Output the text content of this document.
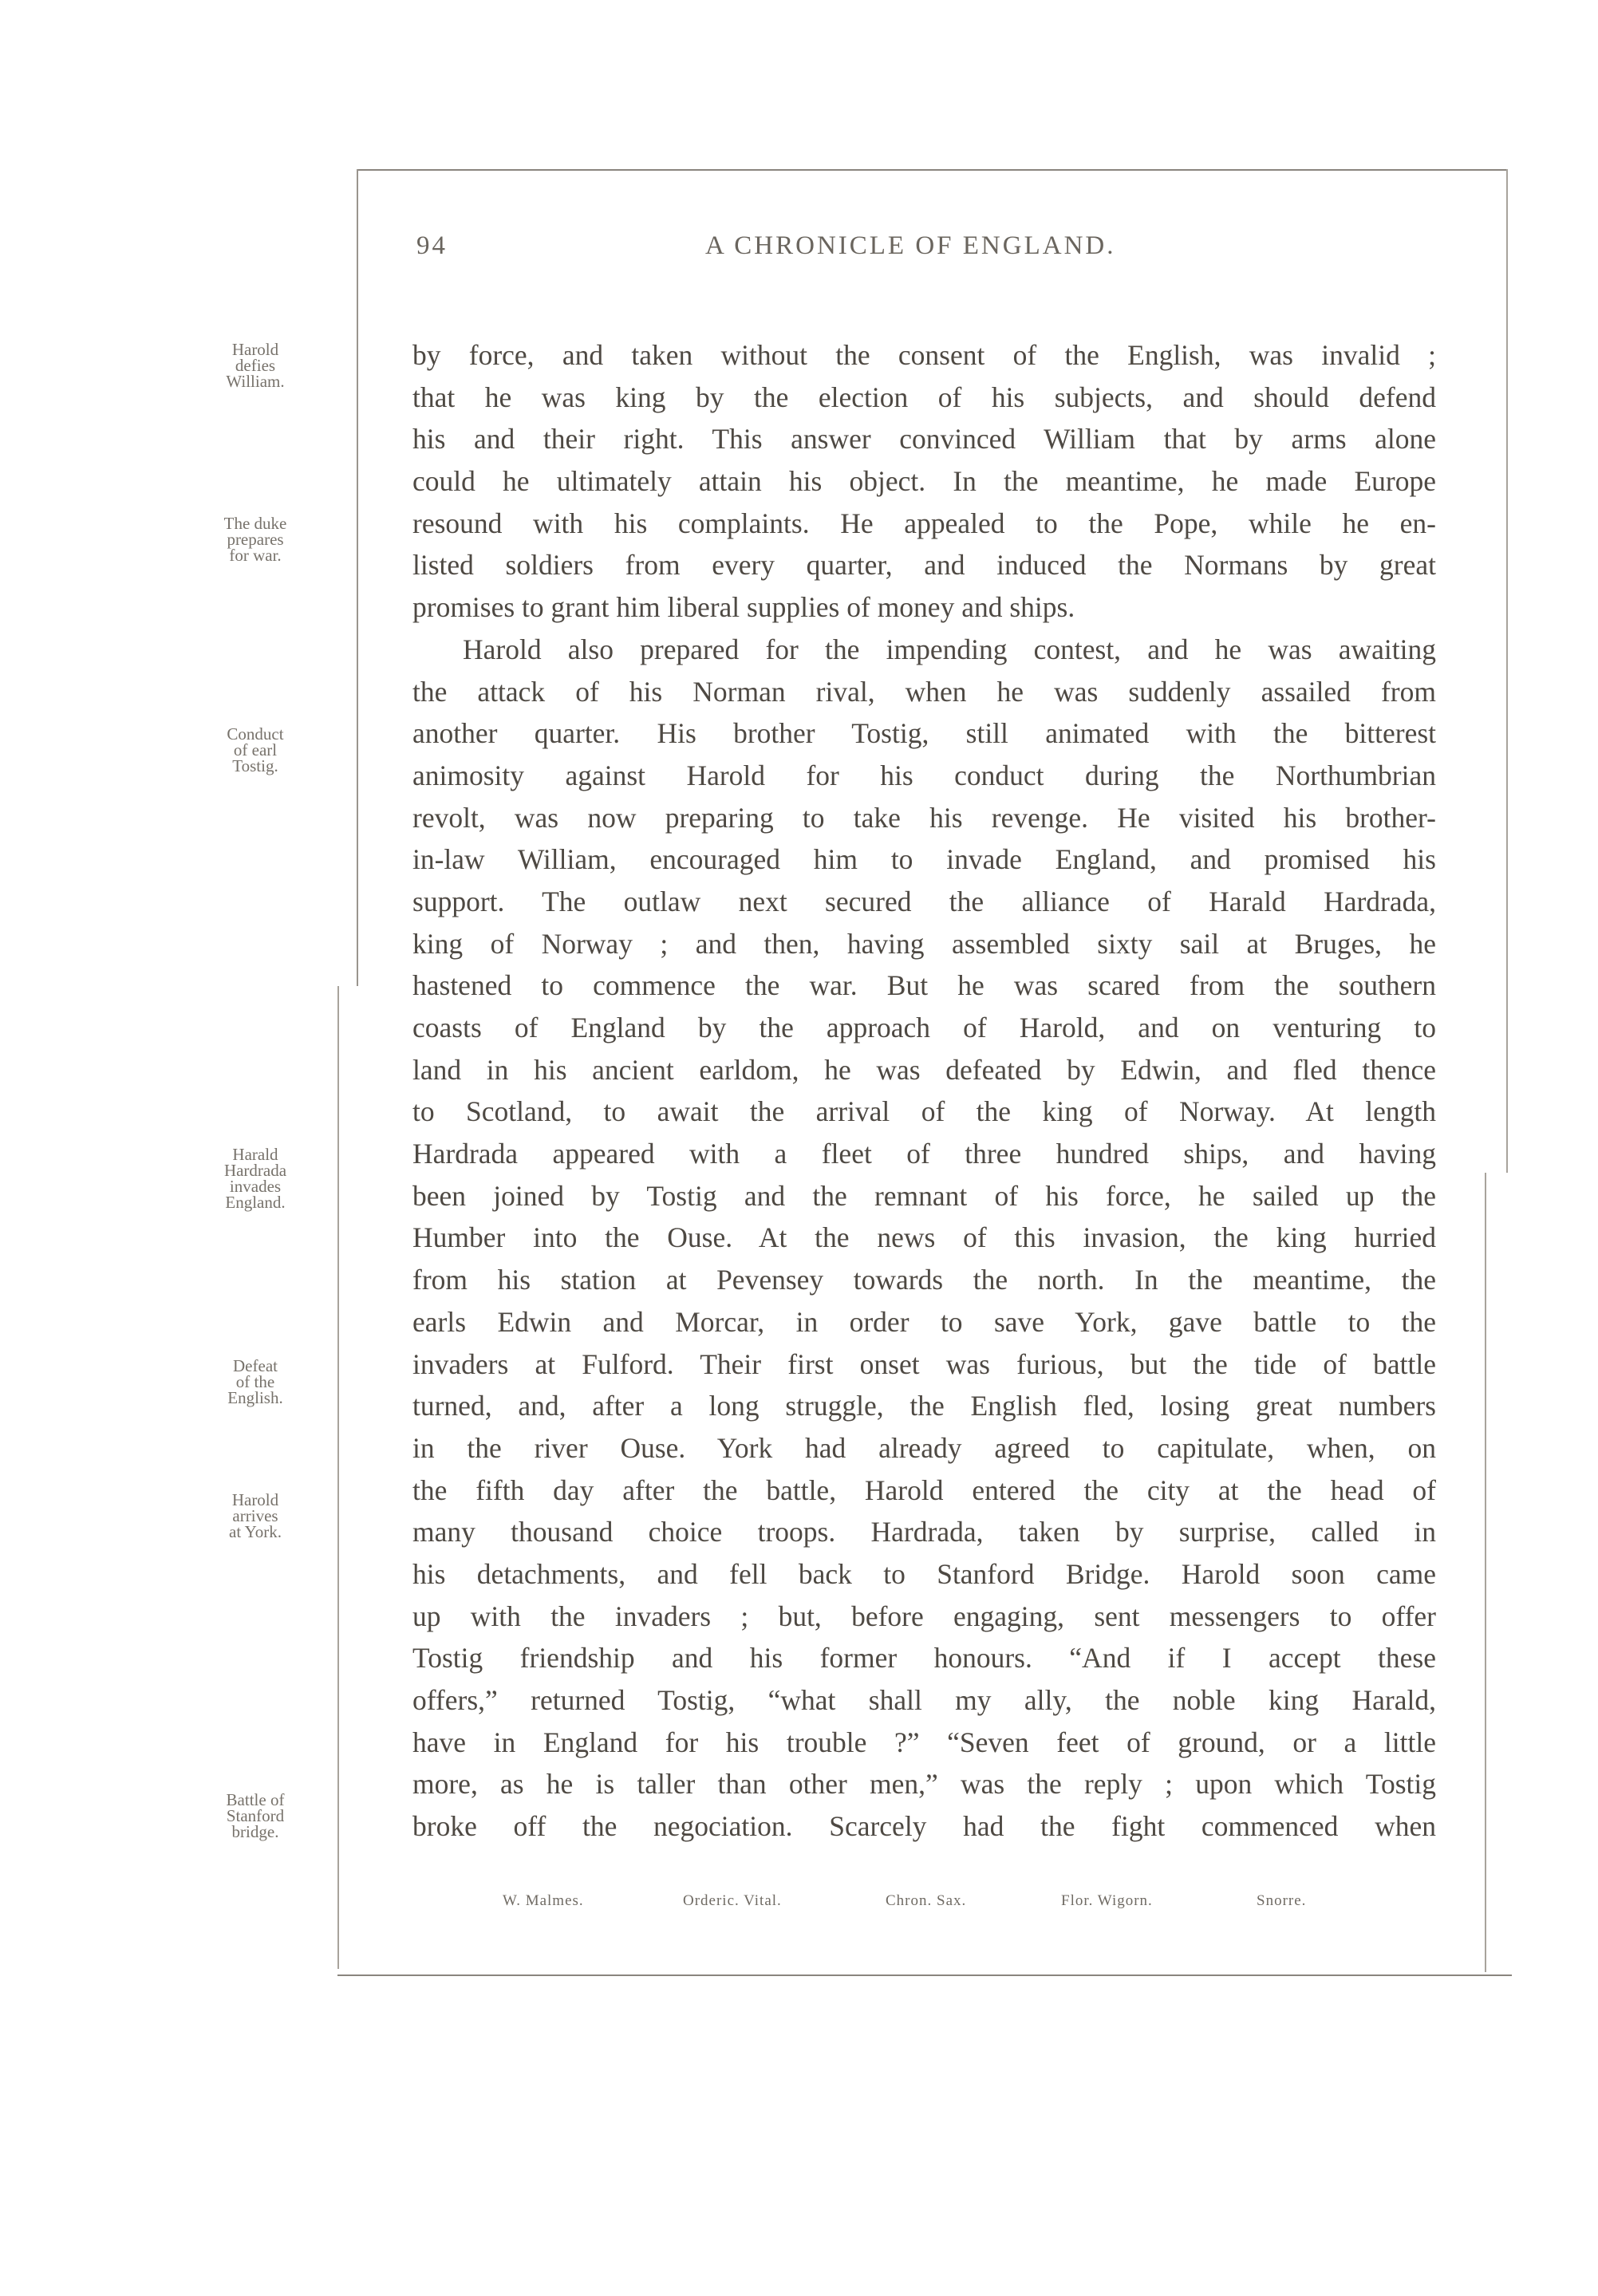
94	A CHRONICLE OF ENGLAND.
Harold
defies
William.
The duke
prepares
for war.
Conduct
of earl
Tostig.
Harald
Hardrada
invades
England.
Defeat
of the
English.
Harold
arrives
at York.
Battle of
Stanford
bridge.
by force, and taken without the consent of the English, was invalid ;
that he was king by the election of his subjects, and should defend
his and their right. This answer convinced William that by arms alone
could he ultimately attain his object. In the meantime, he made Europe
resound with his complaints. He appealed to the Pope, while he en-
listed soldiers from every quarter, and induced the Normans by great
promises to grant him liberal supplies of money and ships.
Harold also prepared for the impending contest, and he was awaiting
the attack of his Norman rival, when he was suddenly assailed from
another quarter. His brother Tostig, still animated with the bitterest
animosity against Harold for his conduct during the Northumbrian
revolt, was now preparing to take his revenge. He visited his brother-
in-law William, encouraged him to invade England, and promised his
support. The outlaw next secured the alliance of Harald Hardrada,
king of Norway ; and then, having assembled sixty sail at Bruges, he
hastened to commence the war. But he was scared from the southern
coasts of England by the approach of Harold, and on venturing to
land in his ancient earldom, he was defeated by Edwin, and fled thence
to Scotland, to await the arrival of the king of Norway. At length
Hardrada appeared with a fleet of three hundred ships, and having
been joined by Tostig and the remnant of his force, he sailed up the
Humber into the Ouse. At the news of this invasion, the king hurried
from his station at Pevensey towards the north. In the meantime, the
earls Edwin and Morcar, in order to save York, gave battle to the
invaders at Fulford. Their first onset was furious, but the tide of battle
turned, and, after a long struggle, the English fled, losing great numbers
in the river Ouse. York had already agreed to capitulate, when, on
the fifth day after the battle, Harold entered the city at the head of
many thousand choice troops. Hardrada, taken by surprise, called in
his detachments, and fell back to Stanford Bridge. Harold soon came
up with the invaders ; but, before engaging, sent messengers to offer
Tostig friendship and his former honours. “And if I accept these
offers,” returned Tostig, “what shall my ally, the noble king Harald,
have in England for his trouble ?” “Seven feet of ground, or a little
more, as he is taller than other men,” was the reply ; upon which Tostig
broke off the negociation. Scarcely had the fight commenced when
W. Malmes.	Orderic. Vital.	Chron. Sax.	Flor. Wigorn.	Snorre.
